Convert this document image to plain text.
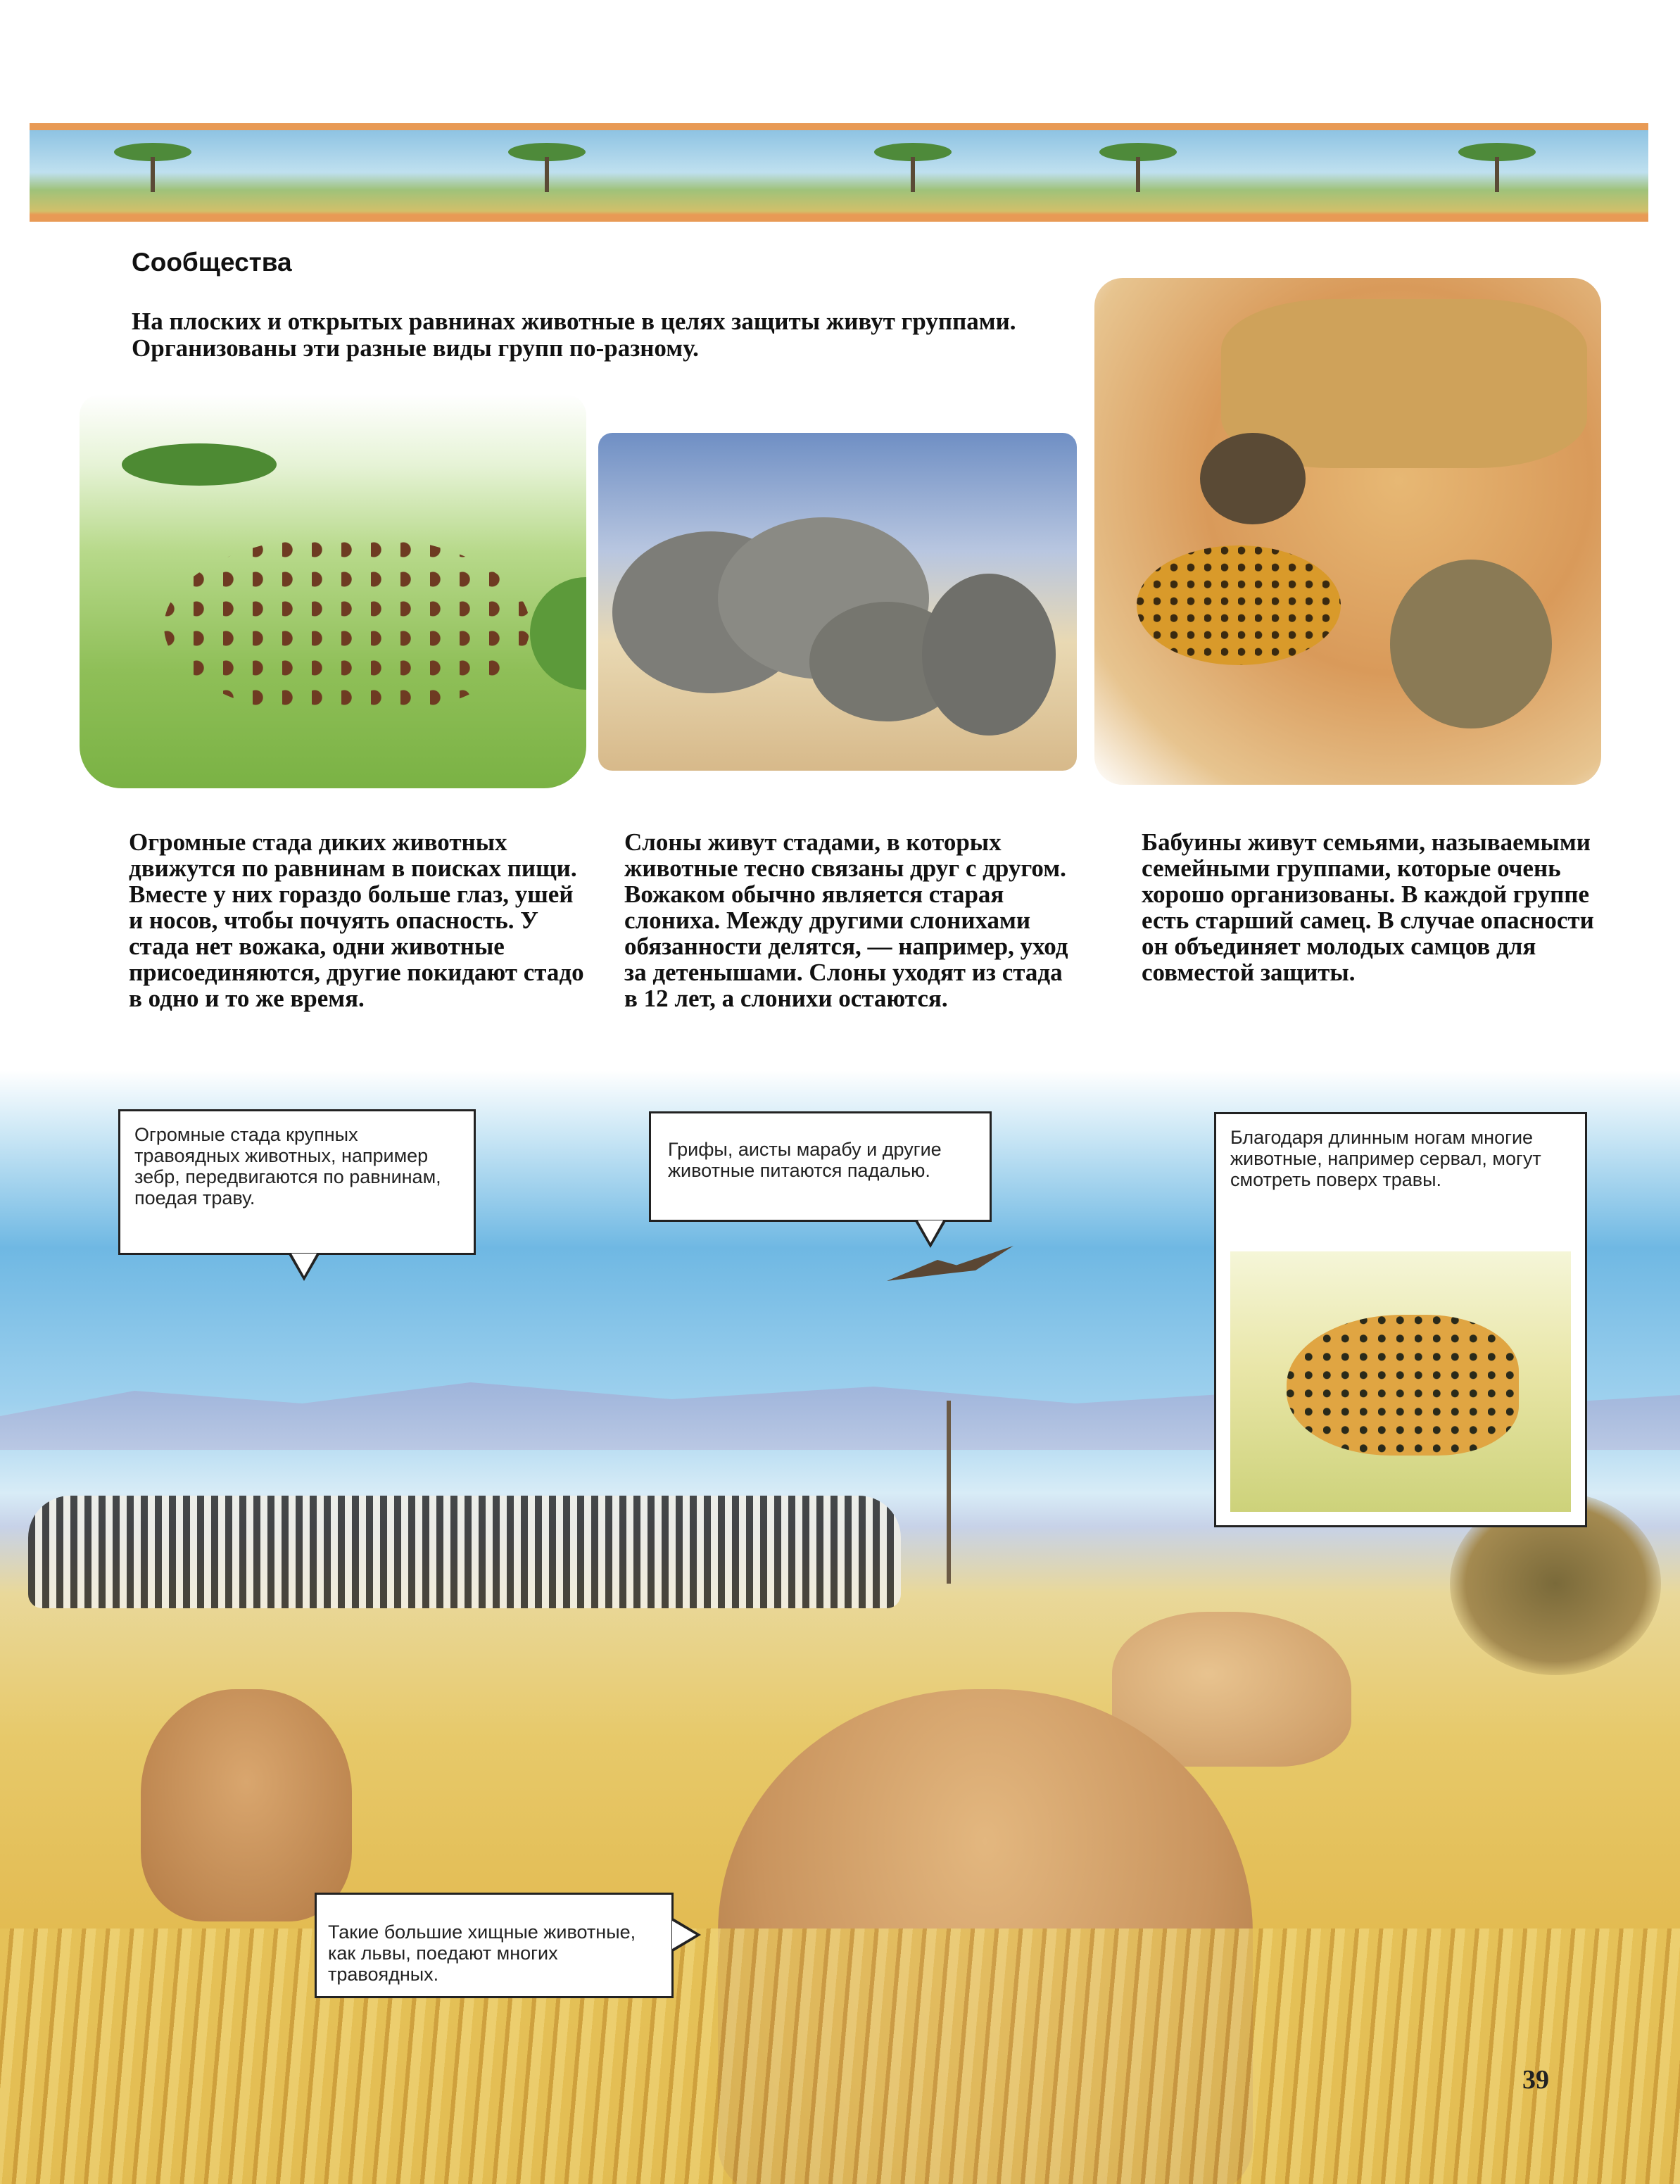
Сообщества

На плоских и открытых равнинах животные в целях защиты живут группами. Организованы эти разные виды групп по-разному.

Огромные стада диких животных движутся по равнинам в поисках пищи. Вместе у них гораздо больше глаз, ушей и носов, чтобы почуять опасность. У стада нет вожака, одни животные присоединяются, другие покидают стадо в одно и то же время.

Слоны живут стадами, в которых животные тесно связаны друг с другом. Вожаком обычно является старая слониха. Между другими слонихами обязанности делятся, — например, уход за детенышами. Слоны уходят из стада в 12 лет, а слонихи остаются.

Бабуины живут семьями, называемыми семейными группами, которые очень хорошо организованы. В каждой группе есть старший самец. В случае опасности он объединяет молодых самцов для совместой защиты.

Огромные стада крупных травоядных животных, например зебр, передвигаются по равнинам, поедая траву.

Грифы, аисты марабу и другие животные питаются падалью.

Благодаря длинным ногам многие животные, например сервал, могут смотреть поверх травы.

Такие большие хищные животные, как львы, поедают многих травоядных.

39
